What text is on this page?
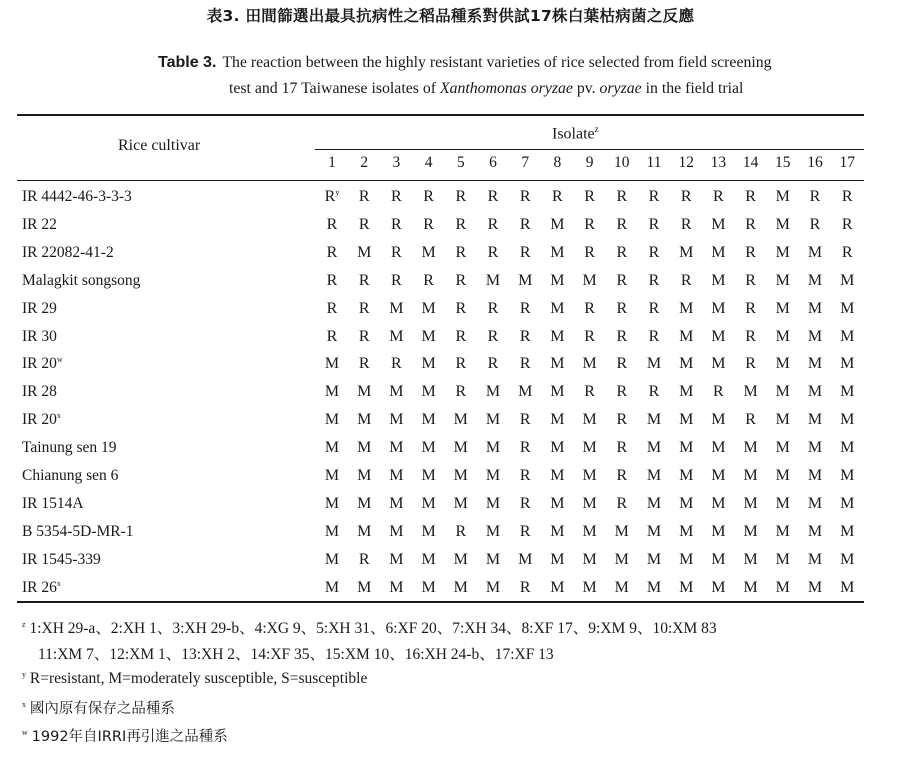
表3. 田間篩選出最具抗病性之稻品種系對供試17株白葉枯病菌之反應
Table 3. The reaction between the highly resistant varieties of rice selected from field screening
test and 17 Taiwanese isolates of Xanthomonas oryzae pv. oryzae in the field trial
Rice cultivar
Isolate$^z$
1	2	3	4	5	6	7	8	9	10	11	12	13	14	15	16	17
IR 4442-46-3-3-3	$R^y$	R	R	R	R	R	R	R	R	R	R	R	R	R	M	R	R
IR 22	R	R	R	R	R	R	R	M	R	R	R	R	M	R	M	R	R
IR 22082-41-2	R	M	R	M	R	R	R	M	R	R	R	M	M	R	M	M	R
Malagkit songsong	R	R	R	R	R	M	M	M	M	R	R	R	M	R	M	M	M
IR 29	R	R	M	M	R	R	R	M	R	R	R	M	M	R	M	M	M
IR 30	R	R	M	M	R	R	R	M	R	R	R	M	M	R	M	M	M
IR 20$^w$	M	R	R	M	R	R	R	M	M	R	M	M	M	R	M	M	M
IR 28	M	M	M	M	R	M	M	M	R	R	R	M	R	M	M	M	M
IR 20$^x$	M	M	M	M	M	M	R	M	M	R	M	M	M	R	M	M	M
Tainung sen 19	M	M	M	M	M	M	R	M	M	R	M	M	M	M	M	M	M
Chianung sen 6	M	M	M	M	M	M	R	M	M	R	M	M	M	M	M	M	M
IR 1514A	M	M	M	M	M	M	R	M	M	R	M	M	M	M	M	M	M
B 5354-5D-MR-1	M	M	M	M	R	M	R	M	M	M	M	M	M	M	M	M	M
IR 1545-339	M	R	M	M	M	M	M	M	M	M	M	M	M	M	M	M	M
IR 26$^x$	M	M	M	M	M	M	R	M	M	M	M	M	M	M	M	M	M
$^z$ 1:XH 29-a、2:XH 1、3:XH 29-b、4:XG 9、5:XH 31、6:XF 20、7:XH 34、8:XF 17、9:XM 9、10:XM 83
11:XM 7、12:XM 1、13:XH 2、14:XF 35、15:XM 10、16:XH 24-b、17:XF 13
$^y$ R=resistant, M=moderately susceptible, S=susceptible
$^x$ 國內原有保存之品種系
$^w$ 1992年自IRRI再引進之品種系
